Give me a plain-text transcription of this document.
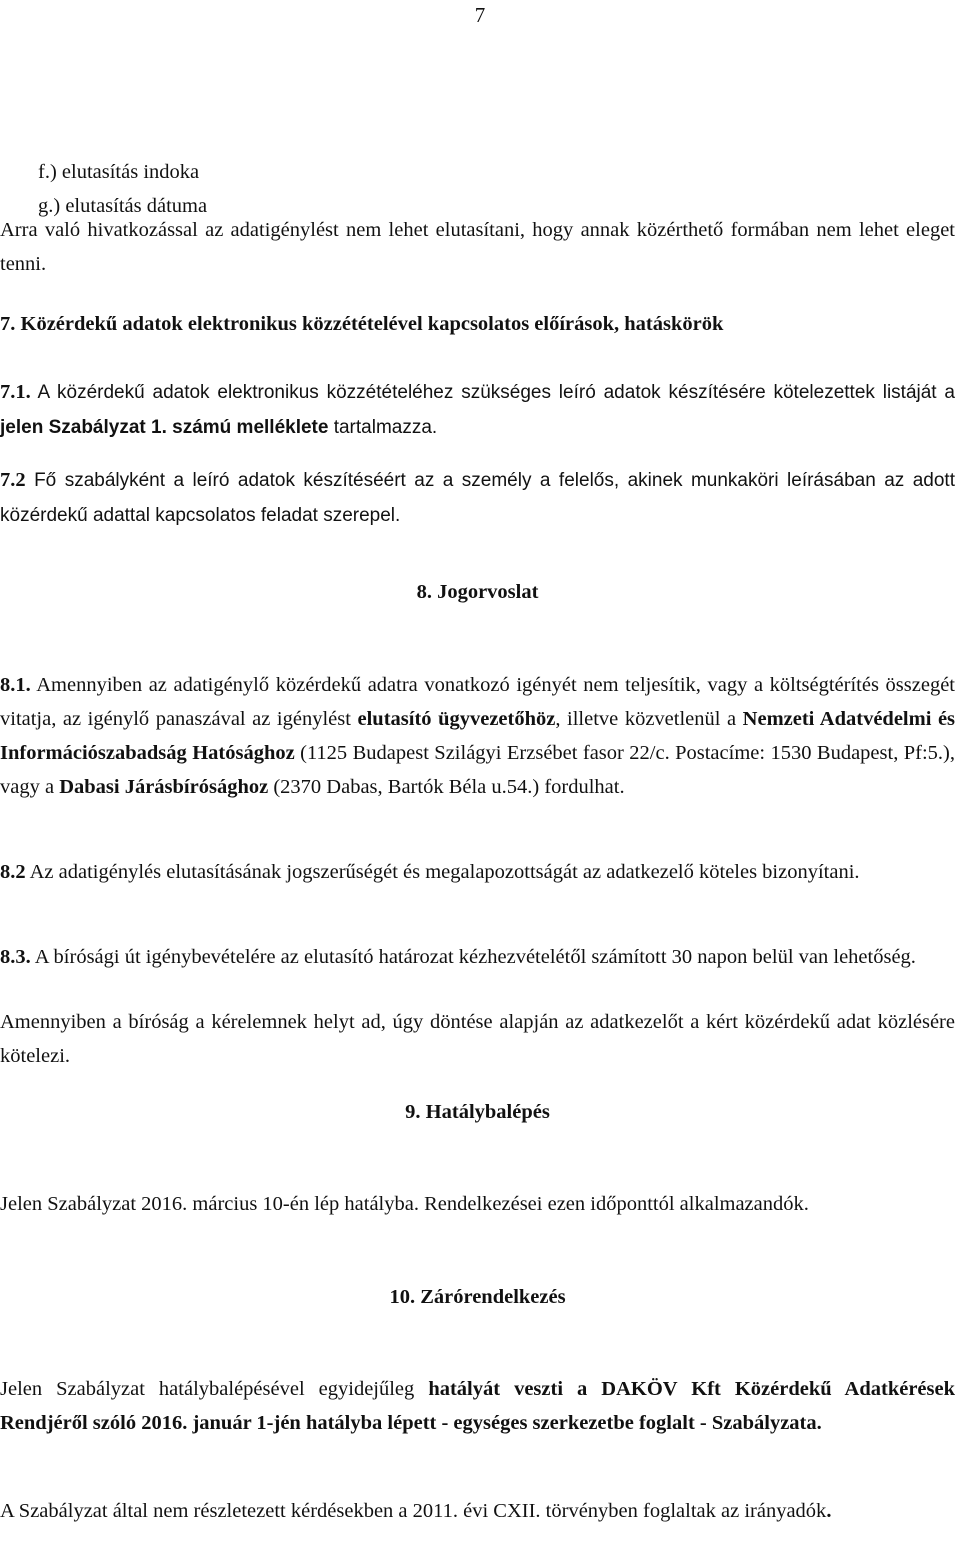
7

f.) elutasítás indoka

g.) elutasítás dátuma

Arra való hivatkozással az adatigénylést nem lehet elutasítani, hogy annak közérthető formában nem lehet eleget tenni.

7. Közérdekű adatok elektronikus közzétételével kapcsolatos előírások, hatáskörök

7.1. A közérdekű adatok elektronikus közzétételéhez szükséges leíró adatok készítésére kötelezettek listáját a jelen Szabályzat 1. számú melléklete tartalmazza.

7.2 Fő szabályként a leíró adatok készítéséért az a személy a felelős, akinek munkaköri leírásában az adott közérdekű adattal kapcsolatos feladat szerepel.

8. Jogorvoslat

8.1. Amennyiben az adatigénylő közérdekű adatra vonatkozó igényét nem teljesítik, vagy a költségtérítés összegét vitatja, az igénylő panaszával az igénylést elutasító ügyvezetőhöz, illetve közvetlenül a Nemzeti Adatvédelmi és Információszabadság Hatósághoz (1125 Budapest Szilágyi Erzsébet fasor 22/c. Postacíme: 1530 Budapest, Pf:5.), vagy a Dabasi Járásbírósághoz (2370 Dabas, Bartók Béla u.54.) fordulhat.

8.2 Az adatigénylés elutasításának jogszerűségét és megalapozottságát az adatkezelő köteles bizonyítani.

8.3. A bírósági út igénybevételére az elutasító határozat kézhezvételétől számított 30 napon belül van lehetőség.

Amennyiben a bíróság a kérelemnek helyt ad, úgy döntése alapján az adatkezelőt a kért közérdekű adat közlésére kötelezi.

9. Hatálybalépés

Jelen Szabályzat 2016. március 10-én lép hatályba. Rendelkezései ezen időponttól alkalmazandók.

10. Zárórendelkezés

Jelen Szabályzat hatálybalépésével egyidejűleg hatályát veszti a DAKÖV Kft Közérdekű Adatkérések Rendjéről szóló 2016. január 1-jén hatályba lépett - egységes szerkezetbe foglalt - Szabályzata.

A Szabályzat által nem részletezett kérdésekben a 2011. évi CXII. törvényben foglaltak az irányadók.
